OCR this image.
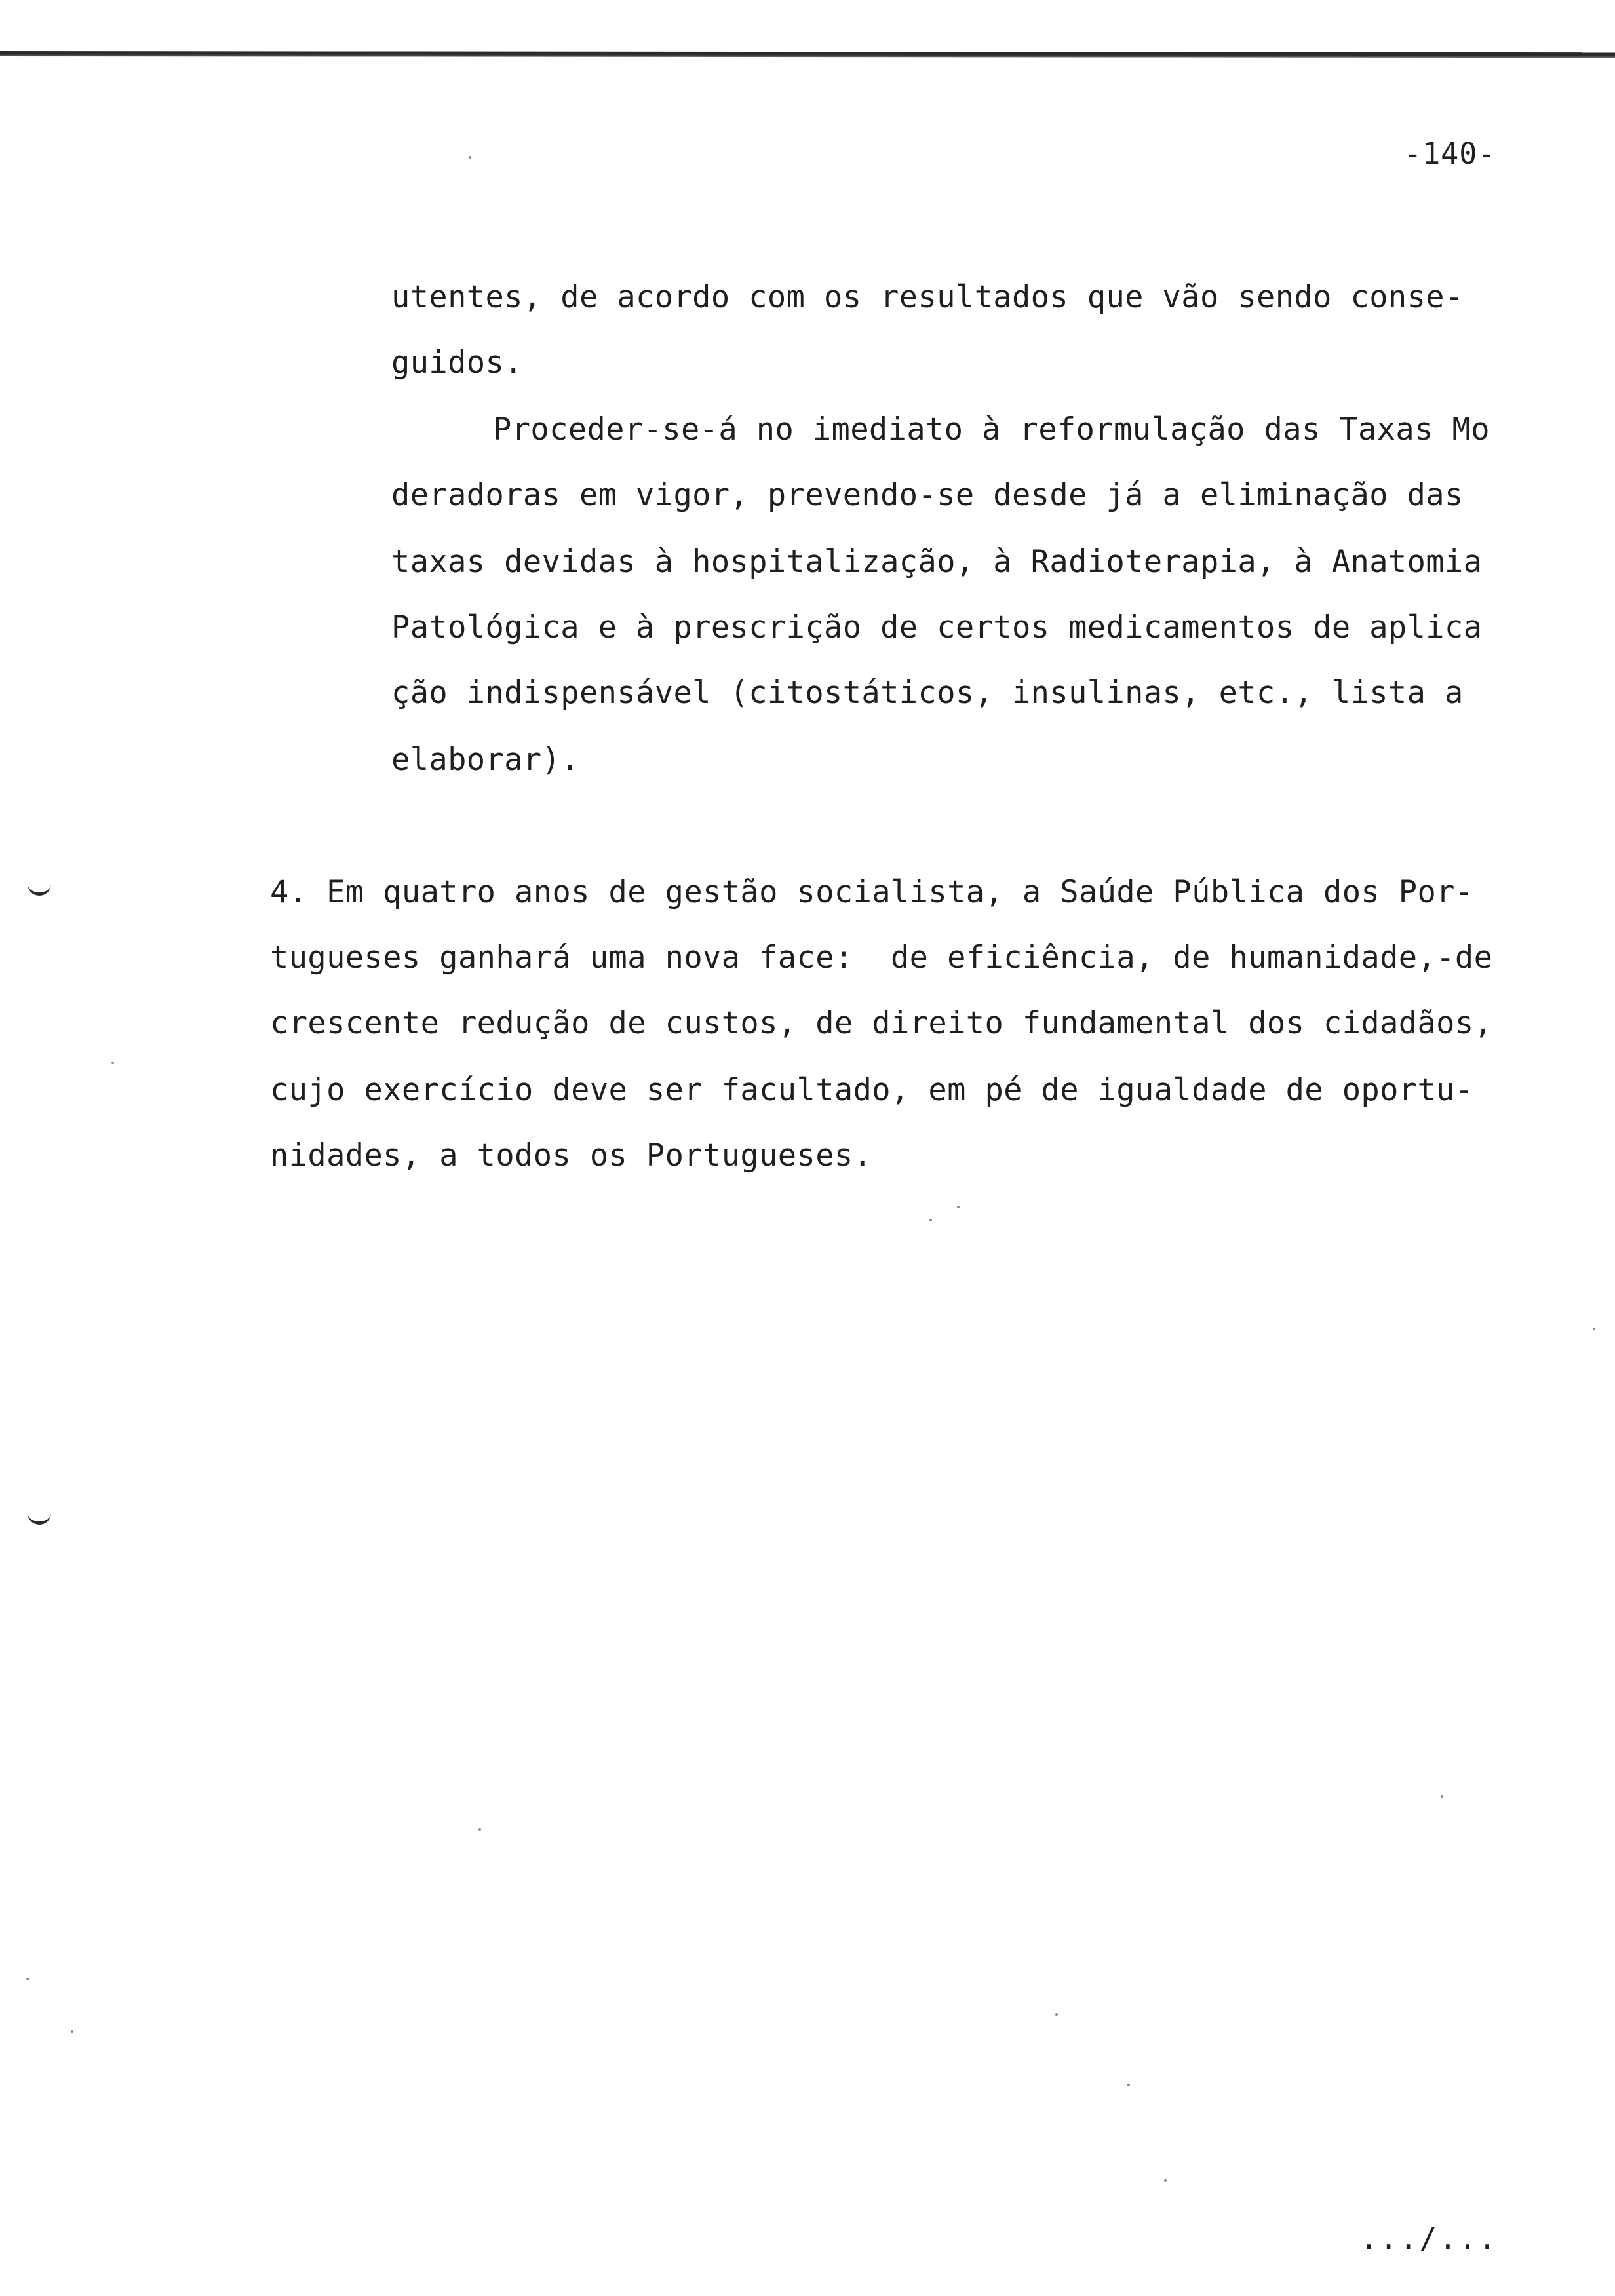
-140-
utentes, de acordo com os resultados que vão sendo conse-
guidos.
Proceder-se-á no imediato à reformulação das Taxas Mo
deradoras em vigor, prevendo-se desde já a eliminação das
taxas devidas à hospitalização, à Radioterapia, à Anatomia
Patológica e à prescrição de certos medicamentos de aplica
ção indispensável (citostáticos, insulinas, etc., lista a
elaborar).
4. Em quatro anos de gestão socialista, a Saúde Pública dos Por-
tugueses ganhará uma nova face:  de eficiência, de humanidade,-de
crescente redução de custos, de direito fundamental dos cidadãos,
cujo exercício deve ser facultado, em pé de igualdade de oportu-
nidades, a todos os Portugueses.
.../...
